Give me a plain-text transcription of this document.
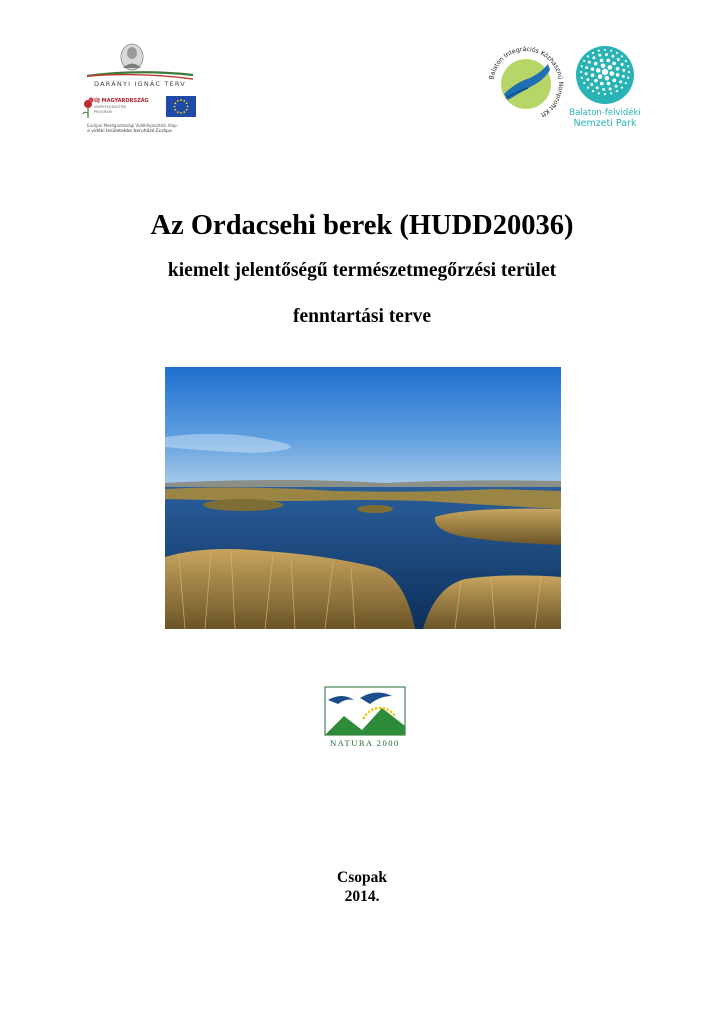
DARÁNYI IGNÁC TERV
ÚJ MAGYARORSZÁG
VIDÉKFEJLESZTÉSI
PROGRAM
Európai Mezőgazdasági Vidékfejlesztési Alap:
a vidéki területekbe beruházó Európa
Balaton Integrációs Közhasznú Nonprofit Kft	Balaton-felvidéki
Nemzeti Park
Az Ordacsehi berek (HUDD20036)
kiemelt jelentőségű természetmegőrzési terület
fenntartási terve
NATURA 2000
Csopak
2014.
